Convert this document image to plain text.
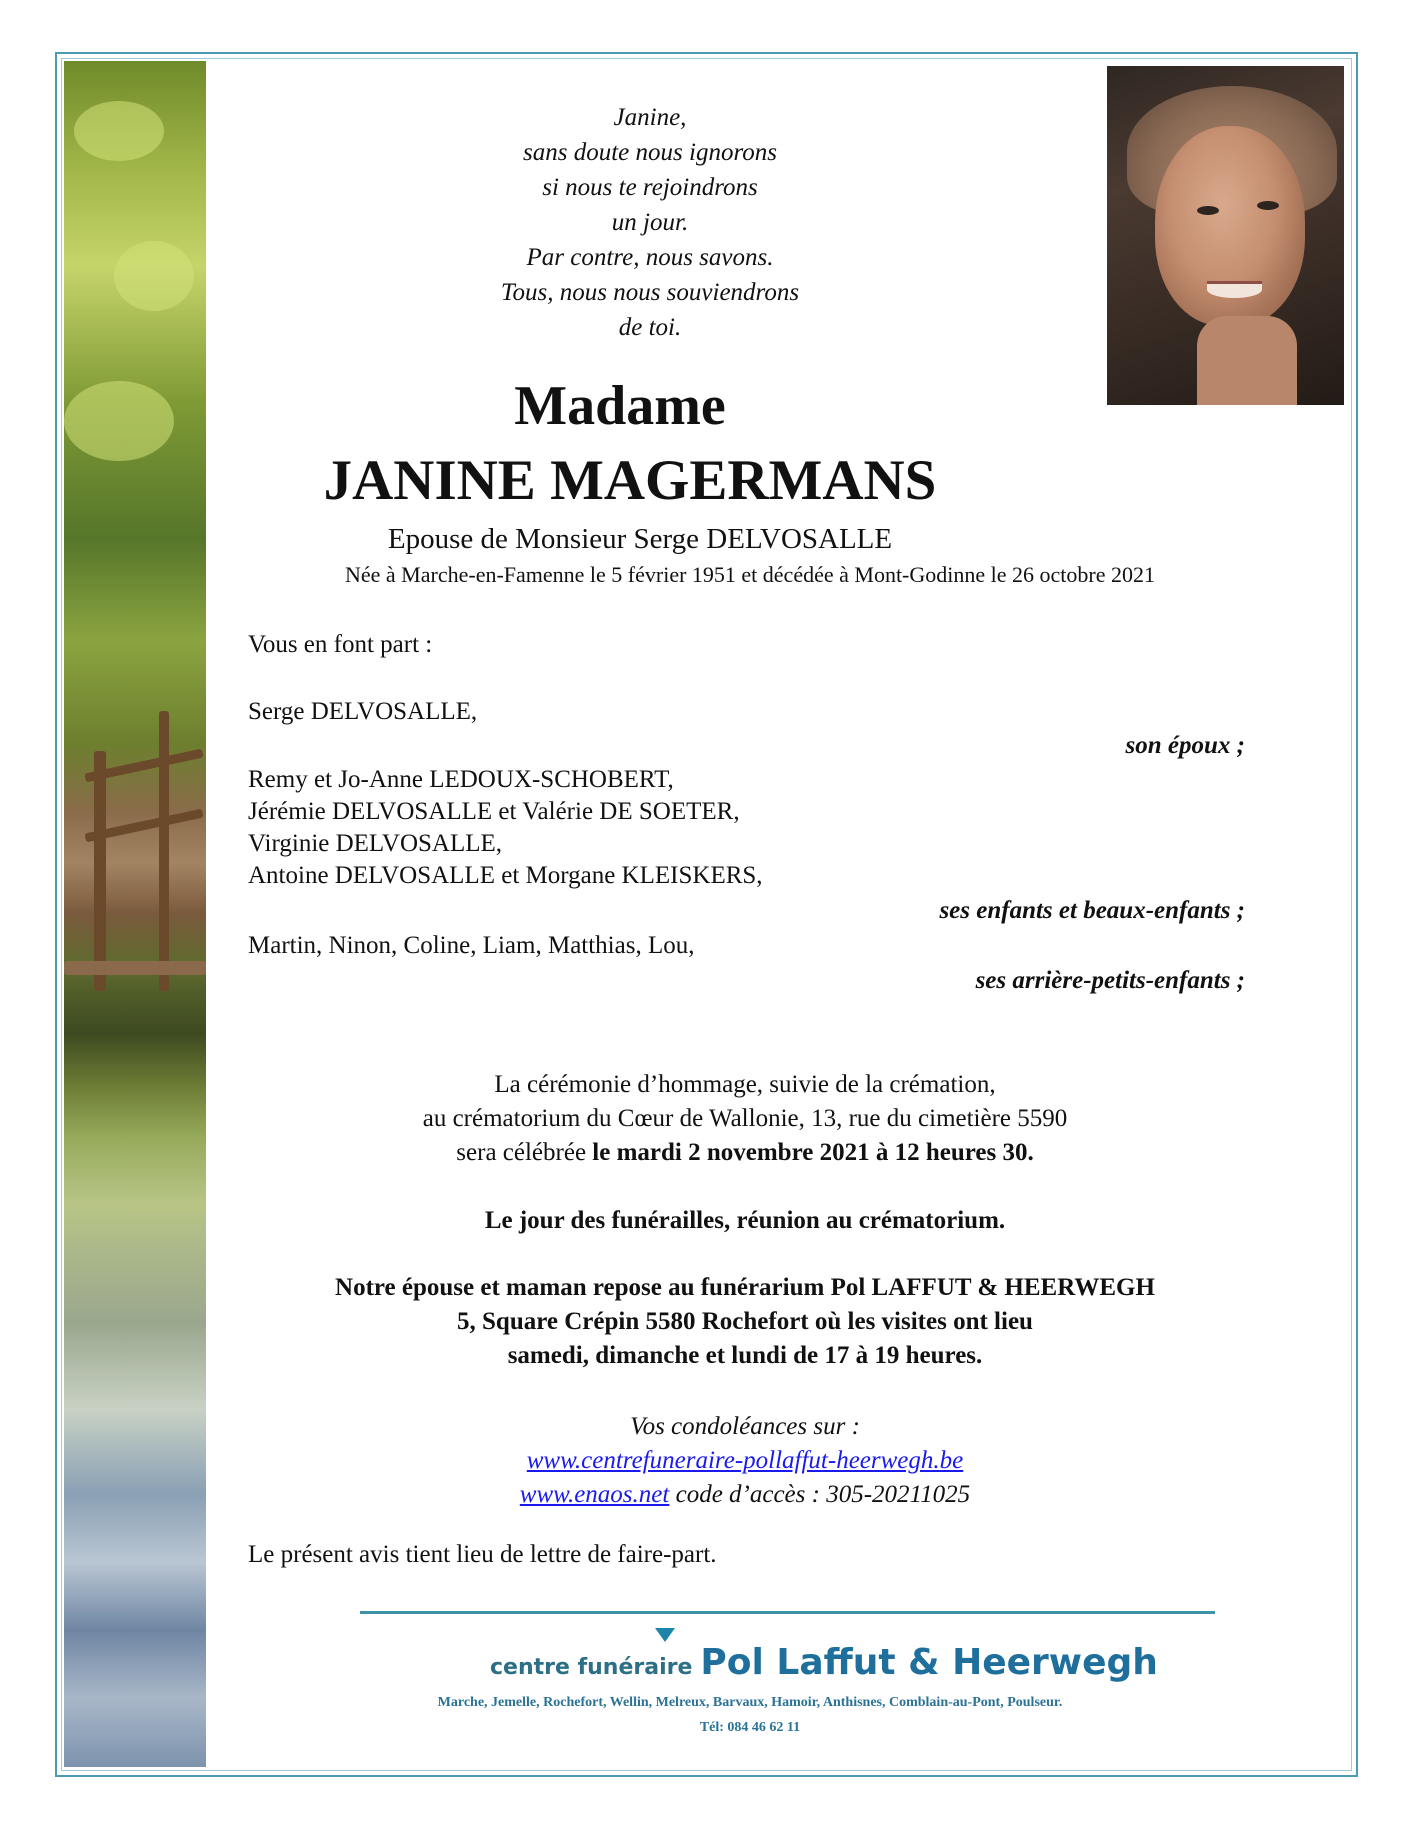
Janine,
sans doute nous ignorons
si nous te rejoindrons
un jour.
Par contre, nous savons.
Tous, nous nous souviendrons
de toi.
Madame
JANINE MAGERMANS
Epouse de Monsieur Serge DELVOSALLE
Née à Marche-en-Famenne le 5 février 1951 et décédée à Mont-Godinne le 26 octobre 2021
Vous en font part :
Serge DELVOSALLE,
son époux ;
Remy et Jo-Anne LEDOUX-SCHOBERT,
Jérémie DELVOSALLE et Valérie DE SOETER,
Virginie DELVOSALLE,
Antoine DELVOSALLE et Morgane KLEISKERS,
ses enfants et beaux-enfants ;
Martin, Ninon, Coline, Liam, Matthias, Lou,
ses arrière-petits-enfants ;
La cérémonie d’hommage, suivie de la crémation,
au crématorium du Cœur de Wallonie, 13, rue du cimetière 5590
sera célébrée le mardi 2 novembre 2021 à 12 heures 30.
Le jour des funérailles, réunion au crématorium.
Notre épouse et maman repose au funérarium Pol LAFFUT & HEERWEGH
5, Square Crépin 5580 Rochefort où les visites ont lieu
samedi, dimanche et lundi de 17 à 19 heures.
Vos condoléances sur :
www.centrefuneraire-pollaffut-heerwegh.be
www.enaos.net code d’accès : 305-20211025
Le présent avis tient lieu de lettre de faire-part.
centre funéraire Pol Laffut & Heerwegh
Marche, Jemelle, Rochefort, Wellin, Melreux, Barvaux, Hamoir, Anthisnes, Comblain-au-Pont, Poulseur.
Tél: 084 46 62 11
